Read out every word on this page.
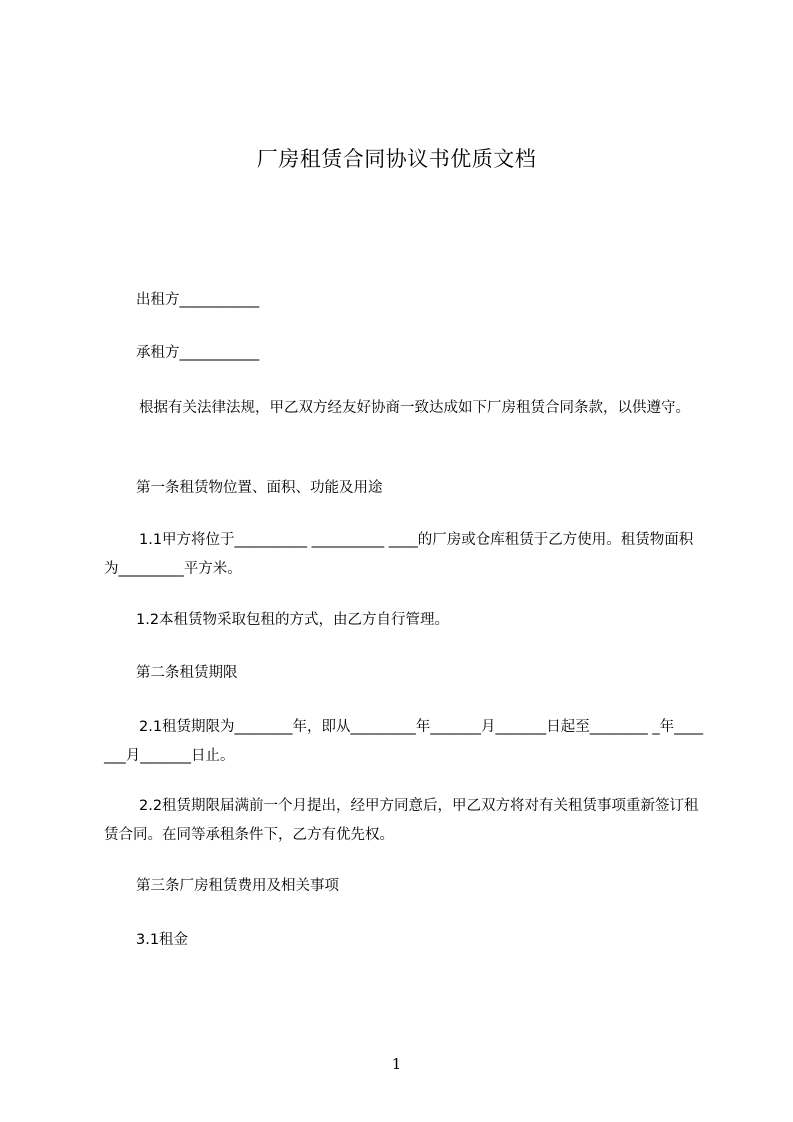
厂房租赁合同协议书优质文档
出租方___________
承租方___________
根据有关法律法规，甲乙双方经友好协商一致达成如下厂房租赁合同条款，以供遵守。
第一条租赁物位置、面积、功能及用途
1.1甲方将位于__________ __________ ____的厂房或仓库租赁于乙方使用。租赁物面积为_________平方米。
1.2本租赁物采取包租的方式，由乙方自行管理。
第二条租赁期限
2.1租赁期限为________年，即从_________年_______月_______日起至________ _年_______月_______日止。
2.2租赁期限届满前一个月提出，经甲方同意后，甲乙双方将对有关租赁事项重新签订租赁合同。在同等承租条件下，乙方有优先权。
第三条厂房租赁费用及相关事项
3.1租金
1
